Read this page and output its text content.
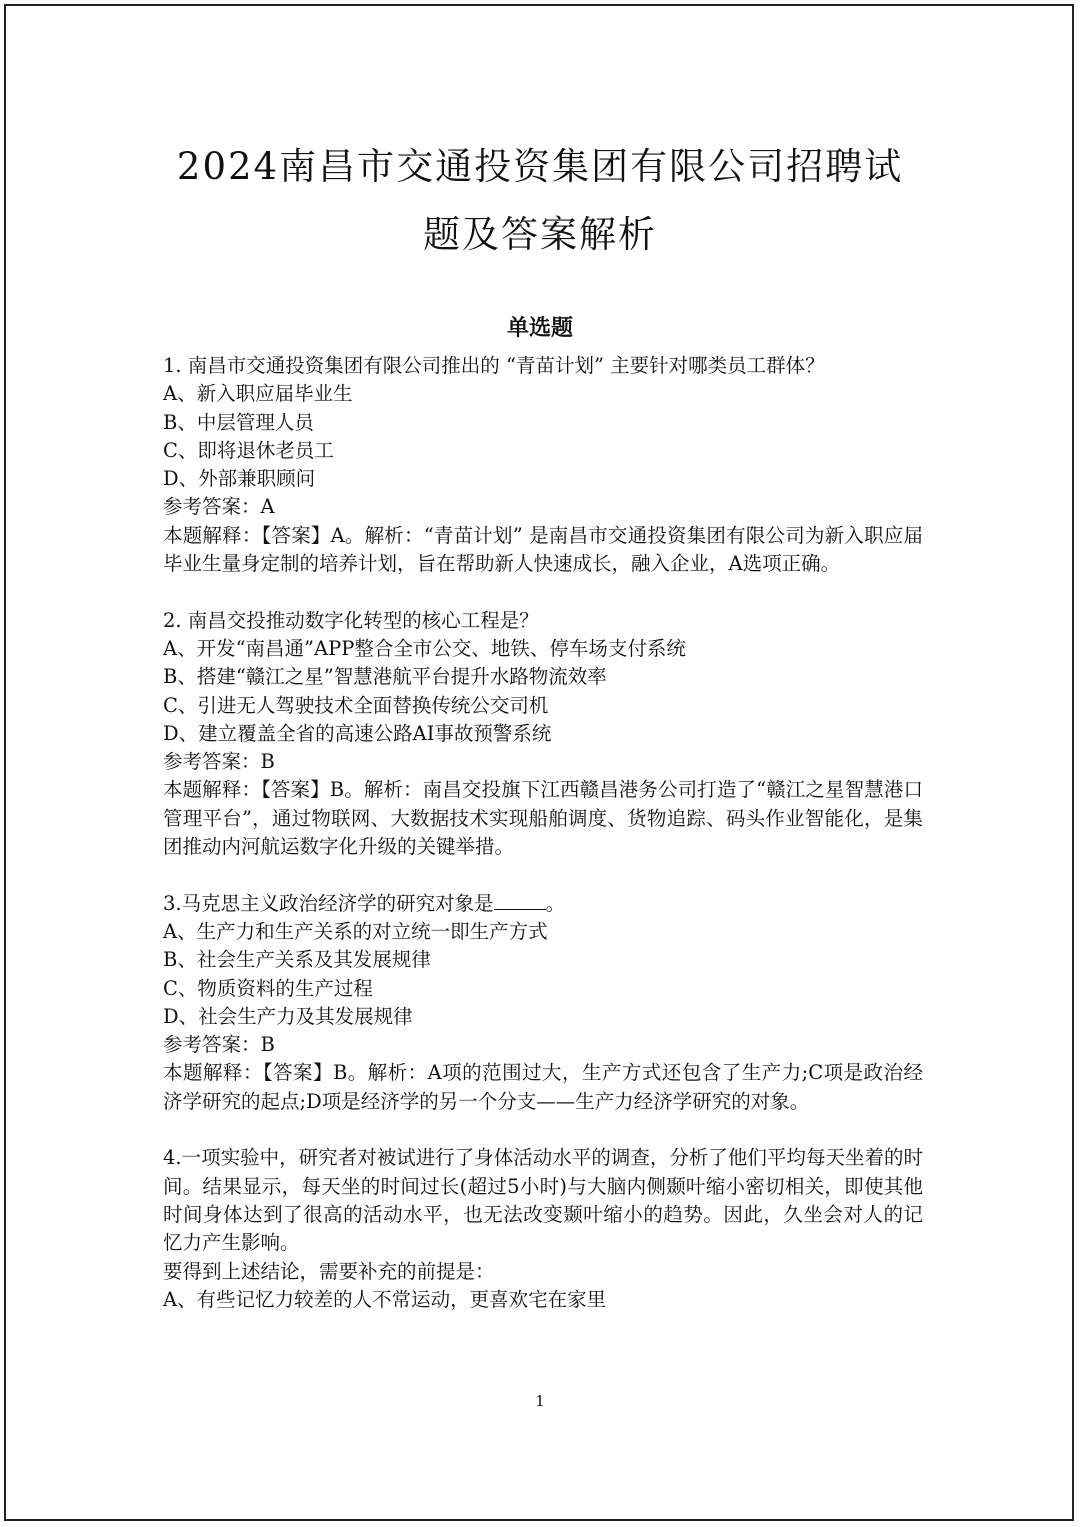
2024南昌市交通投资集团有限公司招聘试
题及答案解析
单选题
1. 南昌市交通投资集团有限公司推出的 “青苗计划” 主要针对哪类员工群体？
A、新入职应届毕业生
B、中层管理人员
C、即将退休老员工
D、外部兼职顾问
参考答案：A
本题解释：【答案】A。解析：“青苗计划” 是南昌市交通投资集团有限公司为新入职应届毕业生量身定制的培养计划，旨在帮助新人快速成长，融入企业，A选项正确。
2. 南昌交投推动数字化转型的核心工程是？
A、开发“南昌通”APP整合全市公交、地铁、停车场支付系统
B、搭建“赣江之星”智慧港航平台提升水路物流效率
C、引进无人驾驶技术全面替换传统公交司机
D、建立覆盖全省的高速公路AI事故预警系统
参考答案：B
本题解释：【答案】B。解析：南昌交投旗下江西赣昌港务公司打造了“赣江之星智慧港口管理平台”，通过物联网、大数据技术实现船舶调度、货物追踪、码头作业智能化，是集团推动内河航运数字化升级的关键举措。
3.马克思主义政治经济学的研究对象是	。
A、生产力和生产关系的对立统一即生产方式
B、社会生产关系及其发展规律
C、物质资料的生产过程
D、社会生产力及其发展规律
参考答案：B
本题解释：【答案】B。解析：A项的范围过大，生产方式还包含了生产力;C项是政治经济学研究的起点;D项是经济学的另一个分支——生产力经济学研究的对象。
4.一项实验中，研究者对被试进行了身体活动水平的调查，分析了他们平均每天坐着的时间。结果显示，每天坐的时间过长(超过5小时)与大脑内侧颞叶缩小密切相关，即使其他时间身体达到了很高的活动水平，也无法改变颞叶缩小的趋势。因此，久坐会对人的记忆力产生影响。
要得到上述结论，需要补充的前提是：
A、有些记忆力较差的人不常运动，更喜欢宅在家里
1
